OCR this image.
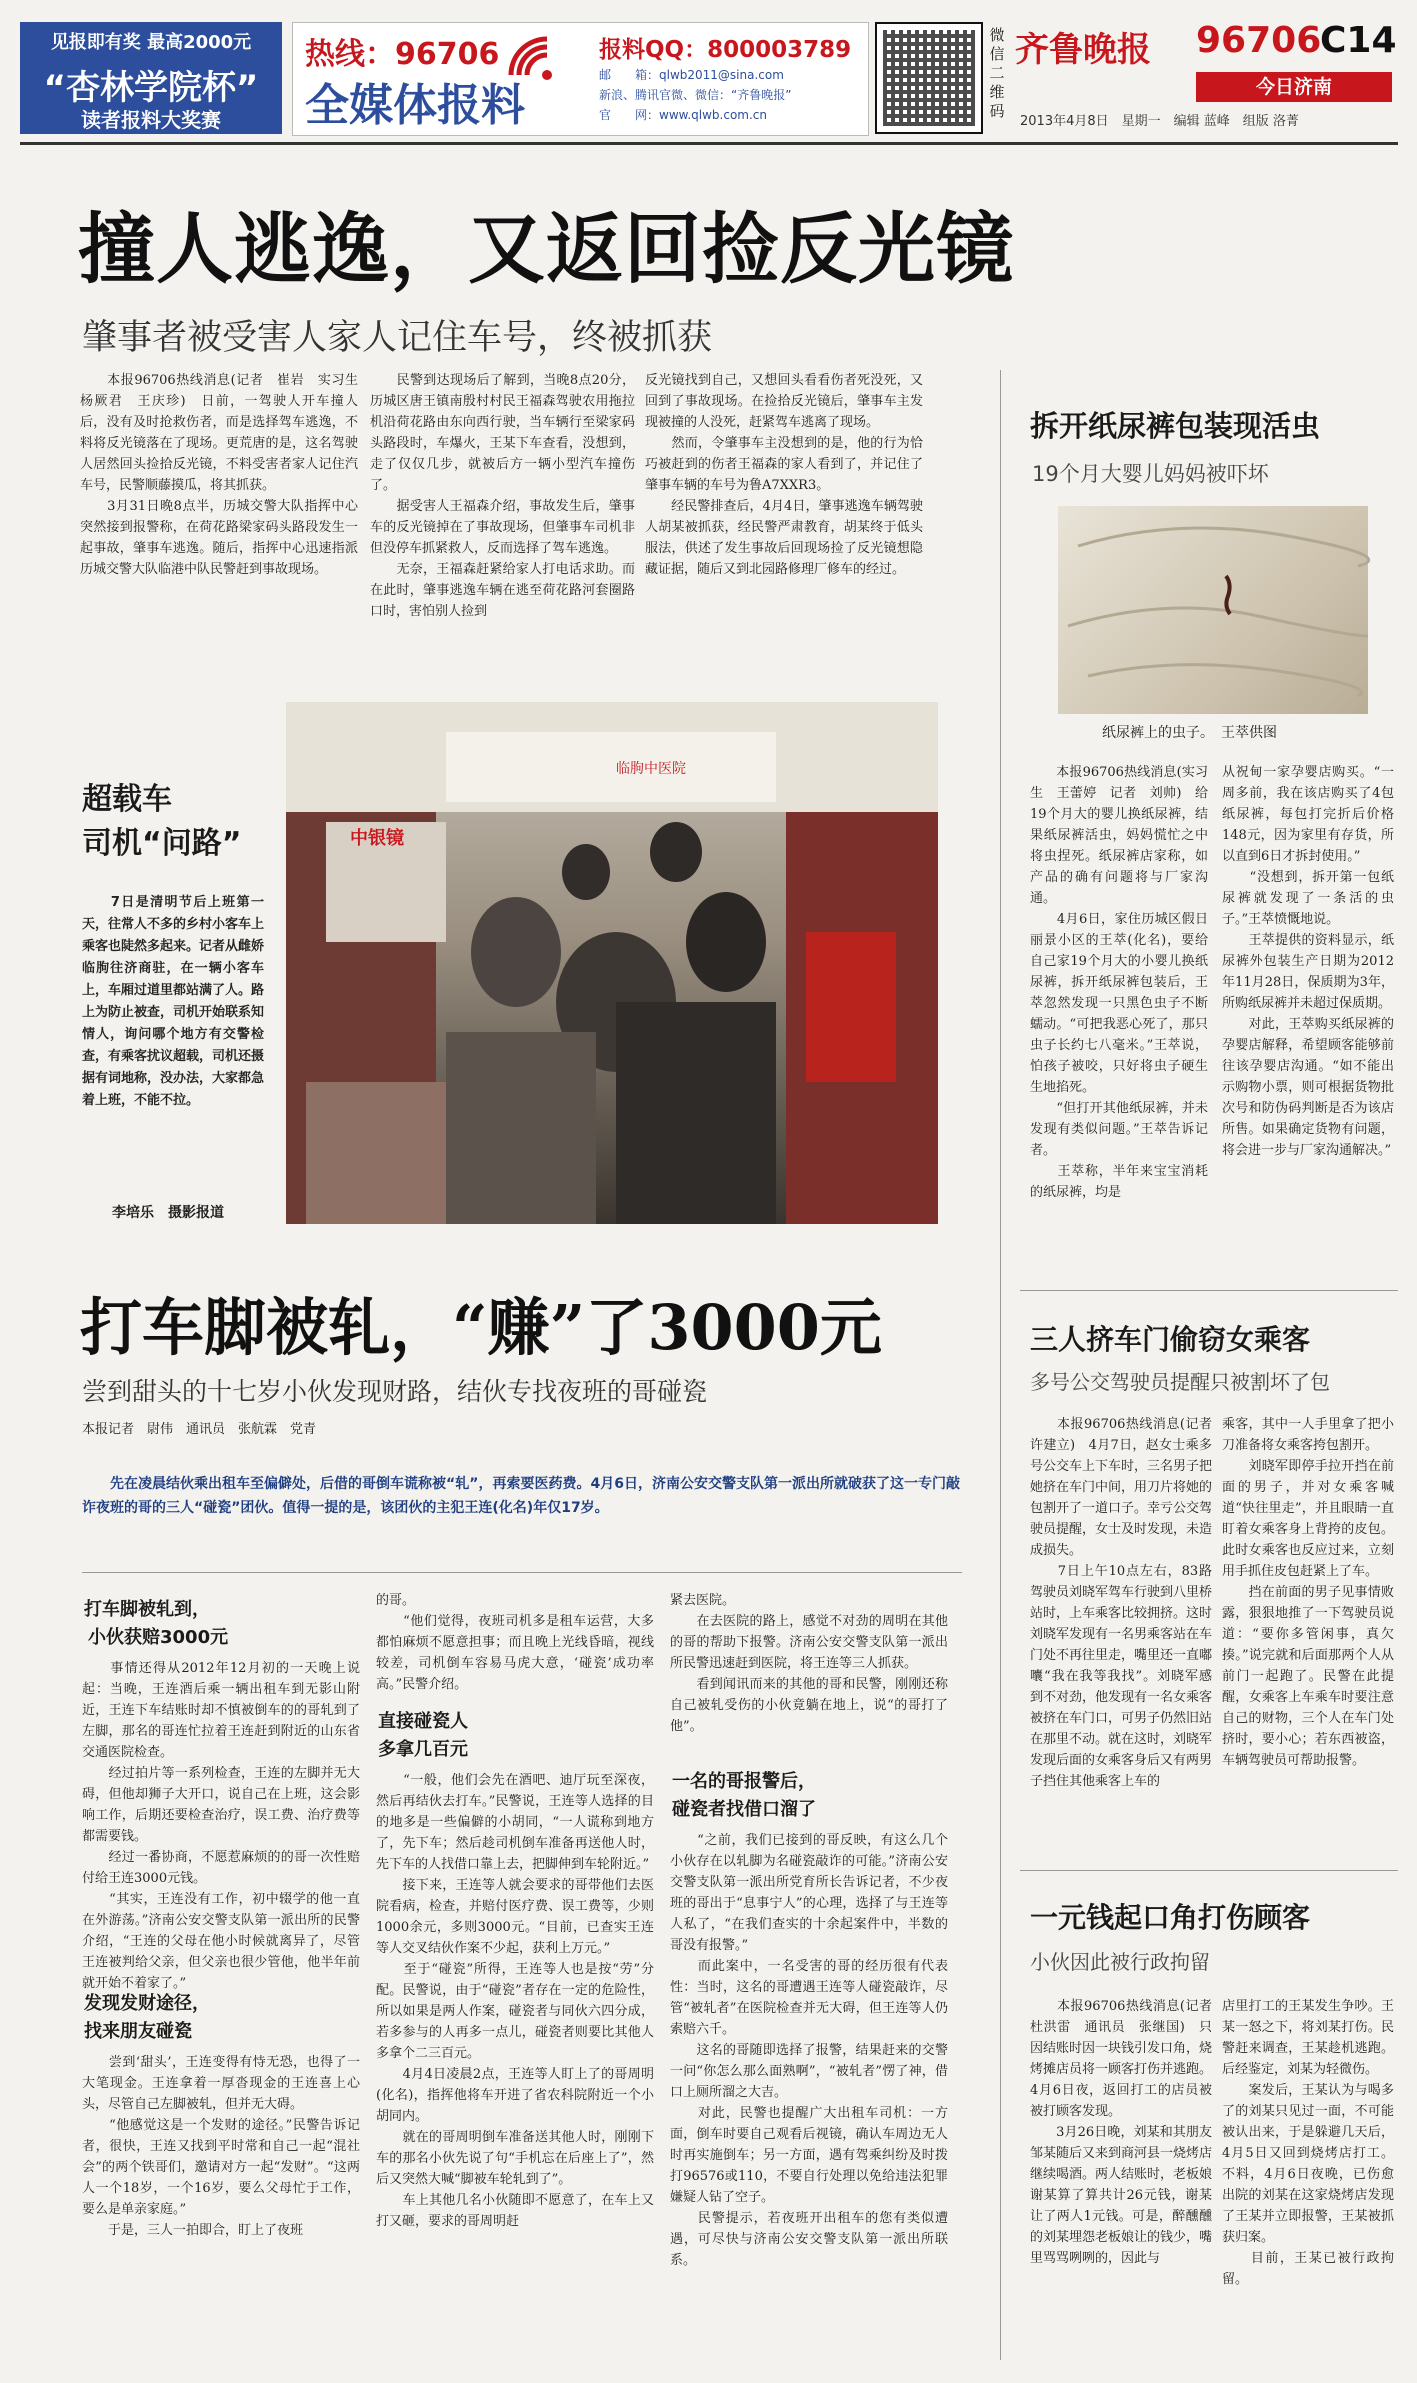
见报即有奖 最高2000元
“杏林学院杯”
读者报料大奖赛
热线：96706
全媒体报料
报料QQ：800003789
邮　　箱：qlwb2011@sina.com
新浪、腾讯官微、微信：“齐鲁晚报”
官　　网：www.qlwb.com.cn
微信二维码
齐鲁晚报 96706
C14
今日济南
2013年4月8日　星期一　编辑 蓝峰　组版 洛菁
撞人逃逸，又返回捡反光镜
肇事者被受害人家人记住车号，终被抓获
　　本报96706热线消息(记者　崔岩　实习生　杨厥君　王庆珍)　日前，一驾驶人开车撞人后，没有及时抢救伤者，而是选择驾车逃逸，不料将反光镜落在了现场。更荒唐的是，这名驾驶人居然回头捡拾反光镜，不料受害者家人记住汽车号，民警顺藤摸瓜，将其抓获。
　　3月31日晚8点半，历城交警大队指挥中心突然接到报警称，在荷花路梁家码头路段发生一起事故，肇事车逃逸。随后，指挥中心迅速指派历城交警大队临港中队民警赶到事故现场。
　　民警到达现场后了解到，当晚8点20分，历城区唐王镇南殷村村民王福森驾驶农用拖拉机沿荷花路由东向西行驶，当车辆行至梁家码头路段时，车爆火，王某下车查看，没想到，走了仅仅几步，就被后方一辆小型汽车撞伤了。
　　据受害人王福森介绍，事故发生后，肇事车的反光镜掉在了事故现场，但肇事车司机非但没停车抓紧救人，反而选择了驾车逃逸。
　　无奈，王福森赶紧给家人打电话求助。而在此时，肇事逃逸车辆在逃至荷花路河套圈路口时，害怕别人捡到
反光镜找到自己，又想回头看看伤者死没死，又回到了事故现场。在捡拾反光镜后，肇事车主发现被撞的人没死，赶紧驾车逃离了现场。
　　然而，令肇事车主没想到的是，他的行为恰巧被赶到的伤者王福森的家人看到了，并记住了肇事车辆的车号为鲁A7XXR3。
　　经民警排查后，4月4日，肇事逃逸车辆驾驶人胡某被抓获，经民警严肃教育，胡某终于低头服法，供述了发生事故后回现场捡了反光镜想隐藏证据，随后又到北园路修理厂修车的经过。
超载车
司机“问路”
　　7日是清明节后上班第一天，往常人不多的乡村小客车上乘客也陡然多起来。记者从雌娇临朐往济商驻，在一辆小客车上，车厢过道里都站满了人。路上为防止被查，司机开始联系知情人，询问哪个地方有交警检查，有乘客扰议超载，司机还摄据有词地称，没办法，大家都急着上班，不能不拉。
李培乐　摄影报道
中银镜
临朐中医院
拆开纸尿裤包装现活虫
19个月大婴儿妈妈被吓坏
纸尿裤上的虫子。　王萃供图
　　本报96706热线消息(实习生　王蕾婷　记者　刘帅)　给19个月大的婴儿换纸尿裤，结果纸尿裤活虫，妈妈慌忙之中将虫捏死。纸尿裤店家称，如产品的确有问题将与厂家沟通。
　　4月6日，家住历城区假日丽景小区的王萃(化名)，要给自己家19个月大的小婴儿换纸尿裤，拆开纸尿裤包装后，王萃忽然发现一只黑色虫子不断蠕动。“可把我恶心死了，那只虫子长约七八毫米。”王萃说，怕孩子被咬，只好将虫子硬生生地掐死。
　　“但打开其他纸尿裤，并未发现有类似问题。”王萃告诉记者。
　　王萃称，半年来宝宝消耗的纸尿裤，均是
从祝甸一家孕婴店购买。“一周多前，我在该店购买了4包纸尿裤，每包打完折后价格148元，因为家里有存货，所以直到6日才拆封使用。”
　　“没想到，拆开第一包纸尿裤就发现了一条活的虫子。”王萃愤慨地说。
　　王萃提供的资料显示，纸尿裤外包装生产日期为2012年11月28日，保质期为3年，所购纸尿裤并未超过保质期。
　　对此，王萃购买纸尿裤的孕婴店解释，希望顾客能够前往该孕婴店沟通。“如不能出示购物小票，则可根据货物批次号和防伪码判断是否为该店所售。如果确定货物有问题，将会进一步与厂家沟通解决。”
三人挤车门偷窃女乘客
多号公交驾驶员提醒只被割坏了包
　　本报96706热线消息(记者　许建立)　4月7日，赵女士乘多号公交车上下车时，三名男子把她挤在车门中间，用刀片将她的包割开了一道口子。幸亏公交驾驶员提醒，女士及时发现，未造成损失。
　　7日上午10点左右，83路驾驶员刘晓军驾车行驶到八里桥站时，上车乘客比较拥挤。这时刘晓军发现有一名男乘客站在车门处不再往里走，嘴里还一直嘟囔“我在我等我找”。刘晓军感到不对劲，他发现有一名女乘客被挤在车门口，可男子仍然旧站在那里不动。就在这时，刘晓军发现后面的女乘客身后又有两男子挡住其他乘客上车的
乘客，其中一人手里拿了把小刀准备将女乘客挎包割开。
　　刘晓军即停手拉开挡在前面的男子，并对女乘客喊道“快往里走”，并且眼睛一直盯着女乘客身上背挎的皮包。此时女乘客也反应过来，立刻用手抓住皮包赶紧上了车。
　　挡在前面的男子见事情败露，狠狠地推了一下驾驶员说道：“要你多管闲事，真欠揍。”说完就和后面那两个人从前门一起跑了。民警在此提醒，女乘客上车乘车时要注意自己的财物，三个人在车门处挤时，要小心；若东西被盗，车辆驾驶员可帮助报警。
一元钱起口角打伤顾客
小伙因此被行政拘留
　　本报96706热线消息(记者　杜洪雷　通讯员　张继国)　只因结账时因一块钱引发口角，烧烤摊店员将一顾客打伤并逃跑。4月6日夜，返回打工的店员被被打顾客发现。
　　3月26日晚，刘某和其朋友邹某随后又来到商河县一烧烤店继续喝酒。两人结账时，老板娘谢某算了算共计26元钱，谢某让了两人1元钱。可是，醉醺醺的刘某埋怨老板娘让的钱少，嘴里骂骂咧咧的，因此与
店里打工的王某发生争吵。王某一怒之下，将刘某打伤。民警赶来调查，王某趁机逃跑。后经鉴定，刘某为轻微伤。
　　案发后，王某认为与喝多了的刘某只见过一面，不可能被认出来，于是躲避几天后，4月5日又回到烧烤店打工。不料，4月6日夜晚，已伤愈出院的刘某在这家烧烤店发现了王某并立即报警，王某被抓获归案。
　　目前，王某已被行政拘留。
打车脚被轧，“赚”了3000元
尝到甜头的十七岁小伙发现财路，结伙专找夜班的哥碰瓷
本报记者　尉伟　通讯员　张航霖　党青
　　先在凌晨结伙乘出租车至偏僻处，后借的哥倒车谎称被“轧”，再索要医药费。4月6日，济南公安交警支队第一派出所就破获了这一专门敲诈夜班的哥的三人“碰瓷”团伙。值得一提的是，该团伙的主犯王连(化名)年仅17岁。
打车脚被轧到，
小伙获赔3000元
　　事情还得从2012年12月初的一天晚上说起：当晚，王连酒后乘一辆出租车到无影山附近，王连下车结账时却不慎被倒车的的哥轧到了左脚，那名的哥连忙拉着王连赶到附近的山东省交通医院检查。
　　经过拍片等一系列检查，王连的左脚并无大碍，但他却狮子大开口，说自己在上班，这会影响工作，后期还要检查治疗，误工费、治疗费等都需要钱。
　　经过一番协商，不愿惹麻烦的的哥一次性赔付给王连3000元钱。
　　“其实，王连没有工作，初中辍学的他一直在外游荡。”济南公安交警支队第一派出所的民警介绍，“王连的父母在他小时候就离异了，尽管王连被判给父亲，但父亲也很少管他，他半年前就开始不着家了。”
发现发财途径，
找来朋友碰瓷
　　尝到‘甜头’，王连变得有恃无恐，也得了一大笔现金。王连拿着一厚沓现金的王连喜上心头，尽管自己左脚被轧，但并无大碍。
　　“他感觉这是一个发财的途径。”民警告诉记者，很快，王连又找到平时常和自己一起“混社会”的两个铁哥们，邀请对方一起“发财”。“这两人一个18岁，一个16岁，要么父母忙于工作，要么是单亲家庭。”
　　于是，三人一拍即合，盯上了夜班
的哥。
　　“他们觉得，夜班司机多是租车运营，大多都怕麻烦不愿意担事；而且晚上光线昏暗，视线较差，司机倒车容易马虎大意，‘碰瓷’成功率高。”民警介绍。
直接碰瓷人
多拿几百元
　　“一般，他们会先在酒吧、迪厅玩至深夜，然后再结伙去打车。”民警说，王连等人选择的目的地多是一些偏僻的小胡同，“一人谎称到地方了，先下车；然后趁司机倒车准备再送他人时，先下车的人找借口靠上去，把脚伸到车轮附近。”
　　接下来，王连等人就会要求的哥带他们去医院看病，检查，并赔付医疗费、误工费等，少则1000余元，多则3000元。“目前，已查实王连等人交叉结伙作案不少起，获利上万元。”
　　至于“碰瓷”所得，王连等人也是按“劳”分配。民警说，由于“碰瓷”者存在一定的危险性，所以如果是两人作案，碰瓷者与同伙六四分成，若多参与的人再多一点儿，碰瓷者则要比其他人多拿个二三百元。
　　4月4日凌晨2点，王连等人盯上了的哥周明(化名)，指挥他将车开进了省农科院附近一个小胡同内。
　　就在的哥周明倒车准备送其他人时，刚刚下车的那名小伙先说了句“手机忘在后座上了”，然后又突然大喊“脚被车轮轧到了”。
　　车上其他几名小伙随即不愿意了，在车上又打又砸，要求的哥周明赶
紧去医院。
　　在去医院的路上，感觉不对劲的周明在其他的哥的帮助下报警。济南公安交警支队第一派出所民警迅速赶到医院，将王连等三人抓获。
　　看到闻讯而来的其他的哥和民警，刚刚还称自己被轧受伤的小伙竟躺在地上，说“的哥打了他”。
一名的哥报警后，
碰瓷者找借口溜了
　　“之前，我们已接到的哥反映，有这么几个小伙存在以轧脚为名碰瓷敲诈的可能。”济南公安交警支队第一派出所党育所长告诉记者，不少夜班的哥出于“息事宁人”的心理，选择了与王连等人私了，“在我们查实的十余起案件中，半数的哥没有报警。”
　　而此案中，一名受害的哥的经历很有代表性：当时，这名的哥遭遇王连等人碰瓷敲诈，尽管“被轧者”在医院检查并无大碍，但王连等人仍索赔六千。
　　这名的哥随即选择了报警，结果赶来的交警一问“你怎么那么面熟啊”，“被轧者”愣了神，借口上厕所溜之大吉。
　　对此，民警也提醒广大出租车司机：一方面，倒车时要自己观看后视镜，确认车周边无人时再实施倒车；另一方面，遇有驾乘纠纷及时拨打96576或110，不要自行处理以免给违法犯罪嫌疑人钻了空子。
　　民警提示，若夜班开出租车的您有类似遭遇，可尽快与济南公安交警支队第一派出所联系。
